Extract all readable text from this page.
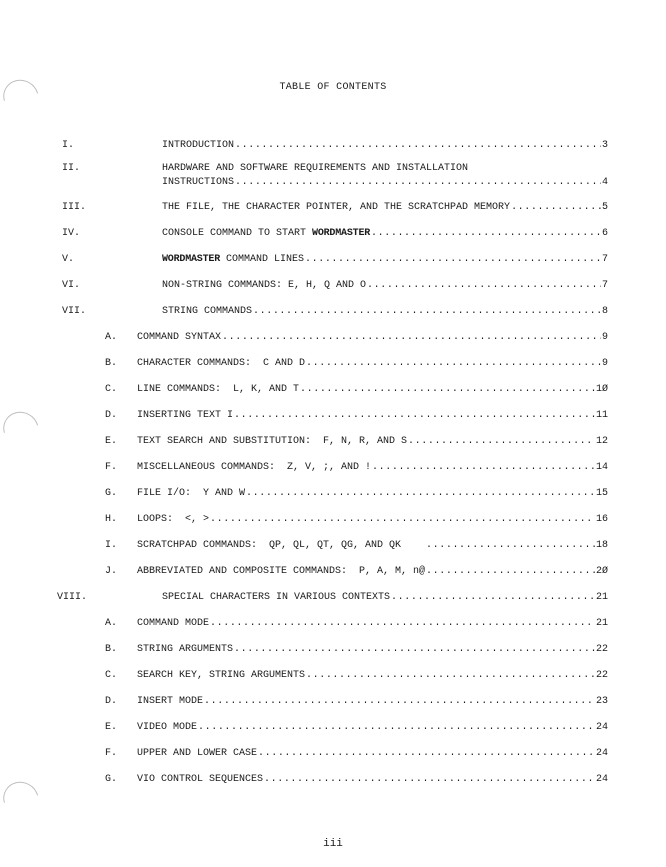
TABLE OF CONTENTS
I.	INTRODUCTION .....	3
II.	HARDWARE AND SOFTWARE REQUIREMENTS AND INSTALLATION
INSTRUCTIONS .....	4
III.	THE FILE, THE CHARACTER POINTER, AND THE SCRATCHPAD MEMORY .....	5
IV.	CONSOLE COMMAND TO START WORDMASTER .....	6
V.	WORDMASTER COMMAND LINES .....	7
VI.	NON-STRING COMMANDS: E, H, Q AND O .....	7
VII.	STRING COMMANDS .....	8
A. COMMAND SYNTAX .....	9
B. CHARACTER COMMANDS:  C AND D .....	9
C. LINE COMMANDS:  L, K, AND T .....	1Ø
D. INSERTING TEXT I .....	11
E. TEXT SEARCH AND SUBSTITUTION:  F, N, R, AND S .....	12
F. MISCELLANEOUS COMMANDS:  Z, V, ;, AND ! .....	14
G. FILE I/O:  Y AND W .....	15
H. LOOPS:  <, > .....	16
I. SCRATCHPAD COMMANDS:  QP, QL, QT, QG, AND QK .....	18
J. ABBREVIATED AND COMPOSITE COMMANDS:  P, A, M, n@ .....	2Ø
VIII.	SPECIAL CHARACTERS IN VARIOUS CONTEXTS .....	21
A. COMMAND MODE .....	21
B. STRING ARGUMENTS .....	22
C. SEARCH KEY, STRING ARGUMENTS .....	22
D. INSERT MODE .....	23
E. VIDEO MODE .....	24
F. UPPER AND LOWER CASE .....	24
G. VIO CONTROL SEQUENCES .....	24
iii
